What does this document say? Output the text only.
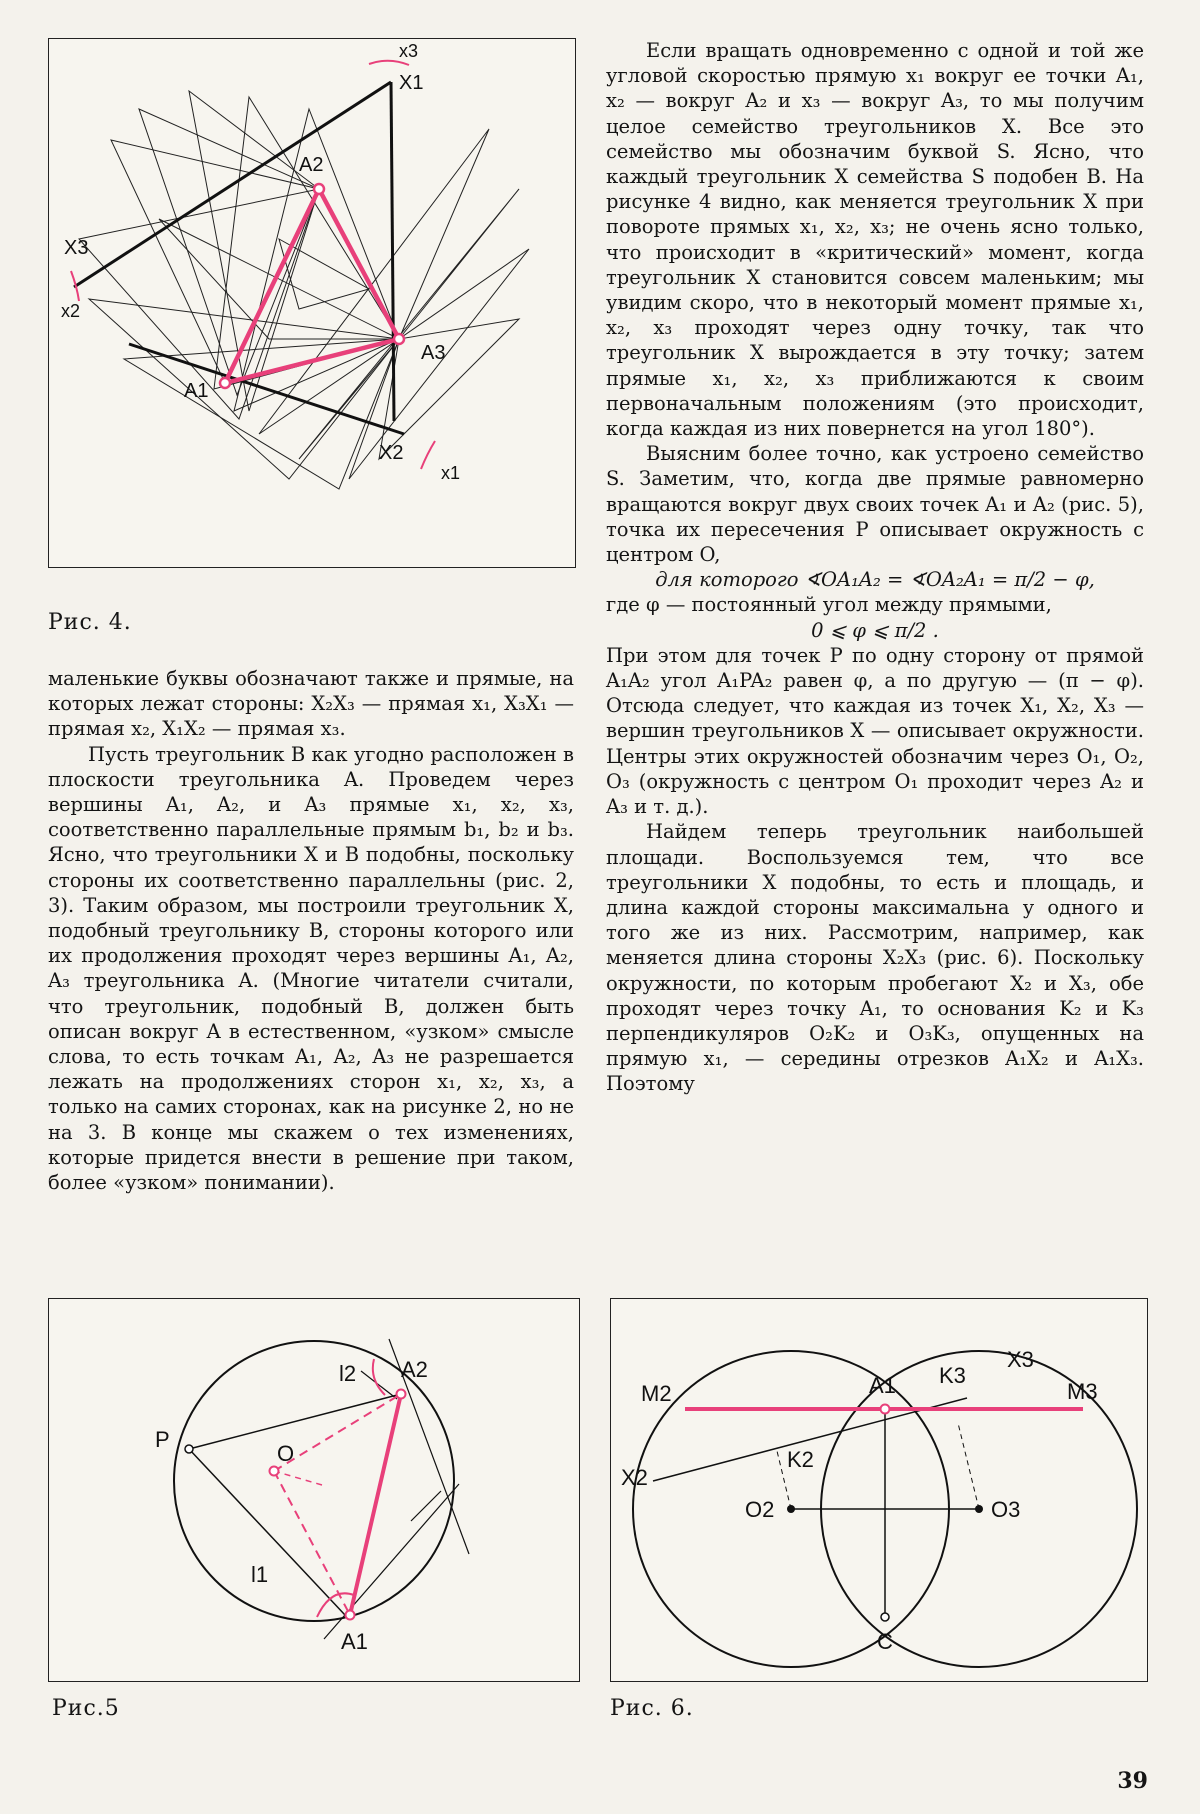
x3
X1
A2
X3
x2
A3
A1
X2
x1
Рис. 4.

маленькие буквы обозначают также и прямые, на которых лежат стороны: X₂X₃ — прямая x₁, X₃X₁ — прямая x₂, X₁X₂ — прямая x₃.

Пусть треугольник B как угодно расположен в плоскости треугольника A. Проведем через вершины A₁, A₂, и A₃ прямые x₁, x₂, x₃, соответственно параллельные прямым b₁, b₂ и b₃. Ясно, что треугольники X и B подобны, поскольку стороны их соответственно параллельны (рис. 2, 3). Таким образом, мы построили треугольник X, подобный треугольнику B, стороны которого или их продолжения проходят через вершины A₁, A₂, A₃ треугольника A. (Многие читатели считали, что треугольник, подобный B, должен быть описан вокруг A в естественном, «узком» смысле слова, то есть точкам A₁, A₂, A₃ не разрешается лежать на продолжениях сторон x₁, x₂, x₃, а только на самих сторонах, как на рисунке 2, но не на 3. В конце мы скажем о тех изменениях, которые придется внести в решение при таком, более «узком» понимании).

Если вращать одновременно с одной и той же угловой скоростью прямую x₁ вокруг ее точки A₁, x₂ — вокруг A₂ и x₃ — вокруг A₃, то мы получим целое семейство треугольников X. Все это семейство мы обозначим буквой S. Ясно, что каждый треугольник X семейства S подобен B. На рисунке 4 видно, как меняется треугольник X при повороте прямых x₁, x₂, x₃; не очень ясно только, что происходит в «критический» момент, когда треугольник X становится совсем маленьким; мы увидим скоро, что в некоторый момент прямые x₁, x₂, x₃ проходят через одну точку, так что треугольник X вырождается в эту точку; затем прямые x₁, x₂, x₃ приближаются к своим первоначальным положениям (это происходит, когда каждая из них повернется на угол 180°).

Выясним более точно, как устроено семейство S. Заметим, что, когда две прямые равномерно вращаются вокруг двух своих точек A₁ и A₂ (рис. 5), точка их пересечения P описывает окружность с центром O,

для которого ∢OA₁A₂ = ∢OA₂A₁ = π/2 − φ,

где φ — постоянный угол между прямыми,

0 ⩽ φ ⩽ π/2 .

При этом для точек P по одну сторону от прямой A₁A₂ угол A₁PA₂ равен φ, а по другую — (π − φ). Отсюда следует, что каждая из точек X₁, X₂, X₃ — вершин треугольников X — описывает окружности. Центры этих окружностей обозначим через O₁, O₂, O₃ (окружность с центром O₁ проходит через A₂ и A₃ и т. д.).

Найдем теперь треугольник наибольшей площади. Воспользуемся тем, что все треугольники X подобны, то есть и площадь, и длина каждой стороны максимальна у одного и того же из них. Рассмотрим, например, как меняется длина стороны X₂X₃ (рис. 6). Поскольку окружности, по которым пробегают X₂ и X₃, обе проходят через точку A₁, то основания K₂ и K₃ перпендикуляров O₂K₂ и O₃K₃, опущенных на прямую x₁, — середины отрезков A₁X₂ и A₁X₃. Поэтому

l2 A2
P
O
l1
A1
Рис.5
M2	A1 K3
X3
M3
X2
K2
O2	O3
C
Рис. 6.
39
